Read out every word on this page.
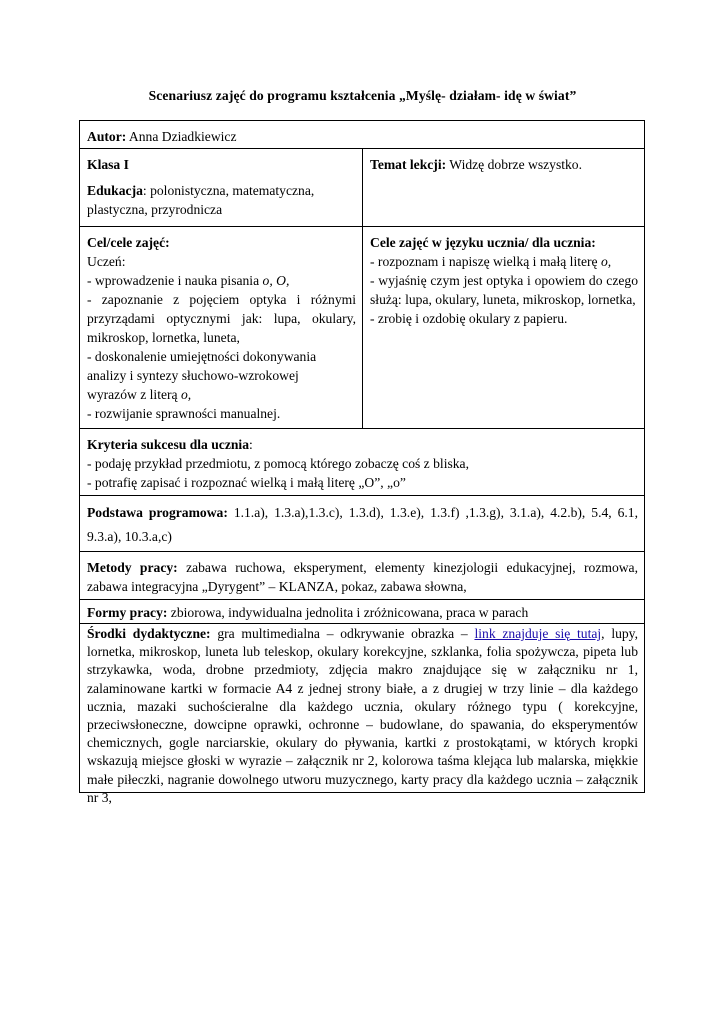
Scenariusz zajęć do programu kształcenia „Myślę- działam- idę w świat”
Autor: Anna Dziadkiewicz

Klasa I

Edukacja: polonistyczna, matematyczna, plastyczna, przyrodnicza

Temat lekcji: Widzę dobrze wszystko.

Cel/cele zajęć:

Uczeń:

- wprowadzenie i nauka pisania o, O,

- zapoznanie z pojęciem optyka i różnymi przyrządami optycznymi jak: lupa, okulary, mikroskop, lornetka, luneta,

- doskonalenie umiejętności dokonywania analizy i syntezy słuchowo-wzrokowej wyrazów z literą o,

- rozwijanie sprawności manualnej.

Cele zajęć w języku ucznia/ dla ucznia:

- rozpoznam i napiszę wielką i małą literę o,

- wyjaśnię czym jest optyka i opowiem do czego służą: lupa, okulary, luneta, mikroskop, lornetka,

- zrobię i ozdobię okulary z papieru.

Kryteria sukcesu dla ucznia:

- podaję przykład przedmiotu, z pomocą którego zobaczę coś z bliska,

- potrafię zapisać i rozpoznać wielką i małą literę „O”, „o”

Podstawa programowa: 1.1.a), 1.3.a),1.3.c), 1.3.d), 1.3.e), 1.3.f) ,1.3.g), 3.1.a), 4.2.b), 5.4, 6.1, 9.3.a), 10.3.a,c)
Metody pracy: zabawa ruchowa, eksperyment, elementy kinezjologii edukacyjnej, rozmowa, zabawa integracyjna „Dyrygent” – KLANZA, pokaz, zabawa słowna,
Formy pracy: zbiorowa, indywidualna jednolita i zróżnicowana, praca w parach
Środki dydaktyczne: gra multimedialna – odkrywanie obrazka – link znajduje się tutaj, lupy, lornetka, mikroskop, luneta lub teleskop, okulary korekcyjne, szklanka, folia spożywcza, pipeta lub strzykawka, woda, drobne przedmioty, zdjęcia makro znajdujące się w załączniku nr 1, zalaminowane kartki w formacie A4 z jednej strony białe, a z drugiej w trzy linie – dla każdego ucznia, mazaki suchościeralne dla każdego ucznia, okulary różnego typu ( korekcyjne, przeciwsłoneczne, dowcipne oprawki, ochronne – budowlane, do spawania, do eksperymentów chemicznych, gogle narciarskie, okulary do pływania, kartki z prostokątami, w których kropki wskazują miejsce głoski w wyrazie – załącznik nr 2, kolorowa taśma klejąca lub malarska, miękkie małe piłeczki, nagranie dowolnego utworu muzycznego, karty pracy dla każdego ucznia – załącznik nr 3,
